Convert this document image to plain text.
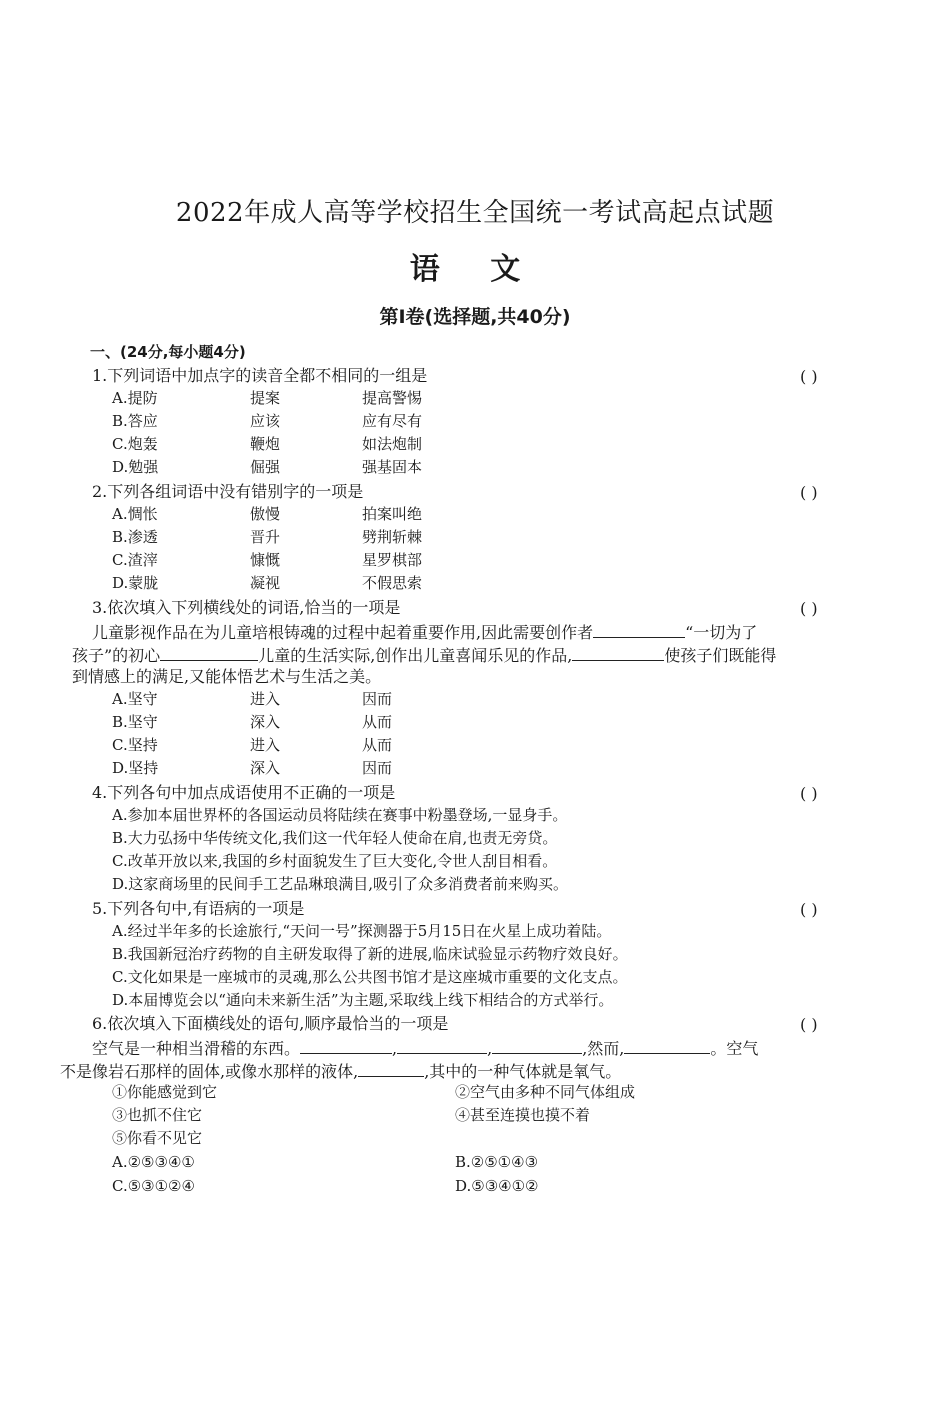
2022年成人高等学校招生全国统一考试高起点试题
语 文
第Ⅰ卷(选择题,共40分)
一、(24分,每小题4分)
1.下列词语中加点字的读音全都不相同的一组是	( )
A.提防	提案	提高警惕
B.答应	应该	应有尽有
C.炮轰	鞭炮	如法炮制
D.勉强	倔强	强基固本
2.下列各组词语中没有错别字的一项是	( )
A.惆怅	傲慢	拍案叫绝
B.渗透	晋升	劈荆斩棘
C.渣滓	慷慨	星罗棋部
D.蒙胧	凝视	不假思索
3.依次填入下列横线处的词语,恰当的一项是	( )
儿童影视作品在为儿童培根铸魂的过程中起着重要作用,因此需要创作者	“一切为了
孩子”的初心	儿童的生活实际,创作出儿童喜闻乐见的作品,	使孩子们既能得
到情感上的满足,又能体悟艺术与生活之美。
A.坚守	进入	因而
B.坚守	深入	从而
C.坚持	进入	从而
D.坚持	深入	因而
4.下列各句中加点成语使用不正确的一项是	( )
A.参加本届世界杯的各国运动员将陆续在赛事中粉墨登场,一显身手。
B.大力弘扬中华传统文化,我们这一代年轻人使命在肩,也责无旁贷。
C.改革开放以来,我国的乡村面貌发生了巨大变化,令世人刮目相看。
D.这家商场里的民间手工艺品琳琅满目,吸引了众多消费者前来购买。
5.下列各句中,有语病的一项是	( )
A.经过半年多的长途旅行,“天问一号”探测器于5月15日在火星上成功着陆。
B.我国新冠治疗药物的自主研发取得了新的进展,临床试验显示药物疗效良好。
C.文化如果是一座城市的灵魂,那么公共图书馆才是这座城市重要的文化支点。
D.本届博览会以“通向未来新生活”为主题,采取线上线下相结合的方式举行。
6.依次填入下面横线处的语句,顺序最恰当的一项是	( )
空气是一种相当滑稽的东西。	,	,	,然而,	。空气
不是像岩石那样的固体,或像水那样的液体,	,其中的一种气体就是氧气。
①你能感觉到它	②空气由多种不同气体组成
③也抓不住它	④甚至连摸也摸不着
⑤你看不见它
A.②⑤③④①	B.②⑤①④③
C.⑤③①②④	D.⑤③④①②
